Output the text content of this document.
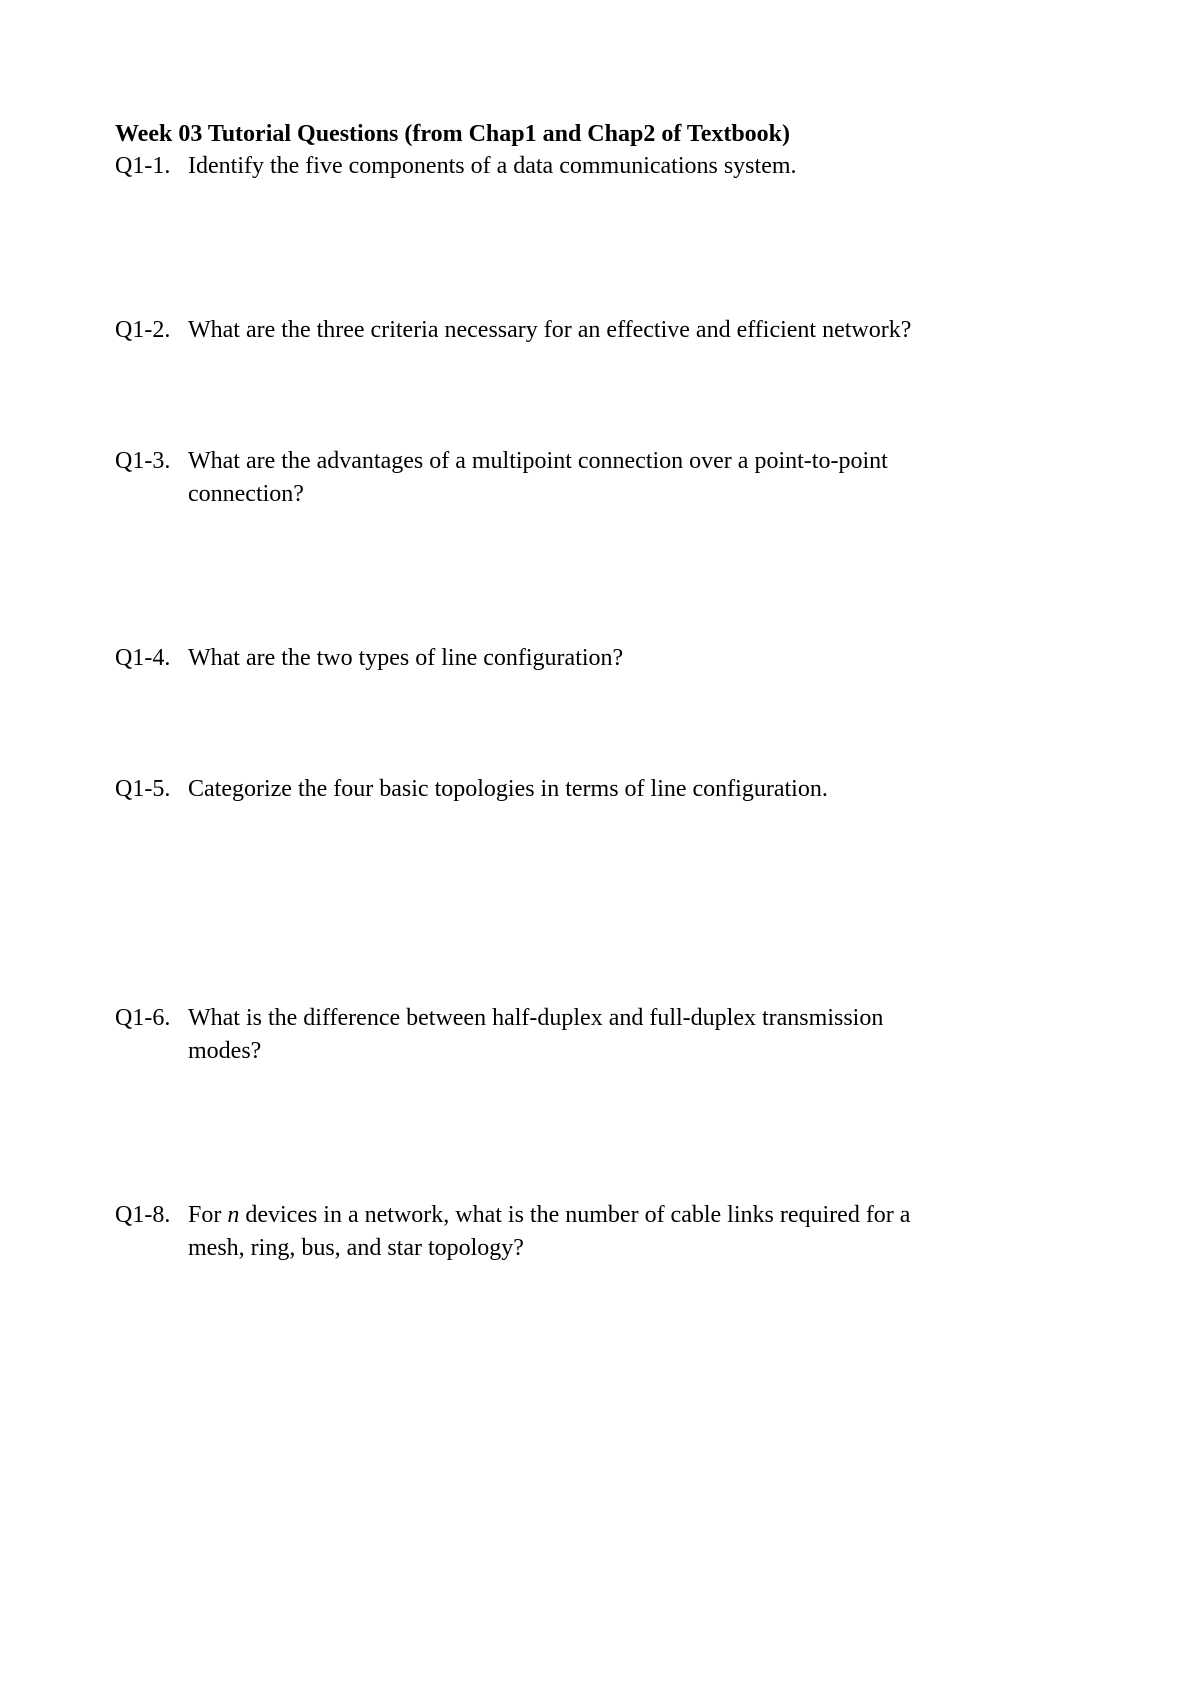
Week 03 Tutorial Questions (from Chap1 and Chap2 of Textbook)
Q1-1. Identify the five components of a data communications system.
Q1-2. What are the three criteria necessary for an effective and efficient network?
Q1-3. What are the advantages of a multipoint connection over a point-to-point
connection?
Q1-4. What are the two types of line configuration?
Q1-5. Categorize the four basic topologies in terms of line configuration.
Q1-6. What is the difference between half-duplex and full-duplex transmission
modes?
Q1-8. For n devices in a network, what is the number of cable links required for a
mesh, ring, bus, and star topology?
